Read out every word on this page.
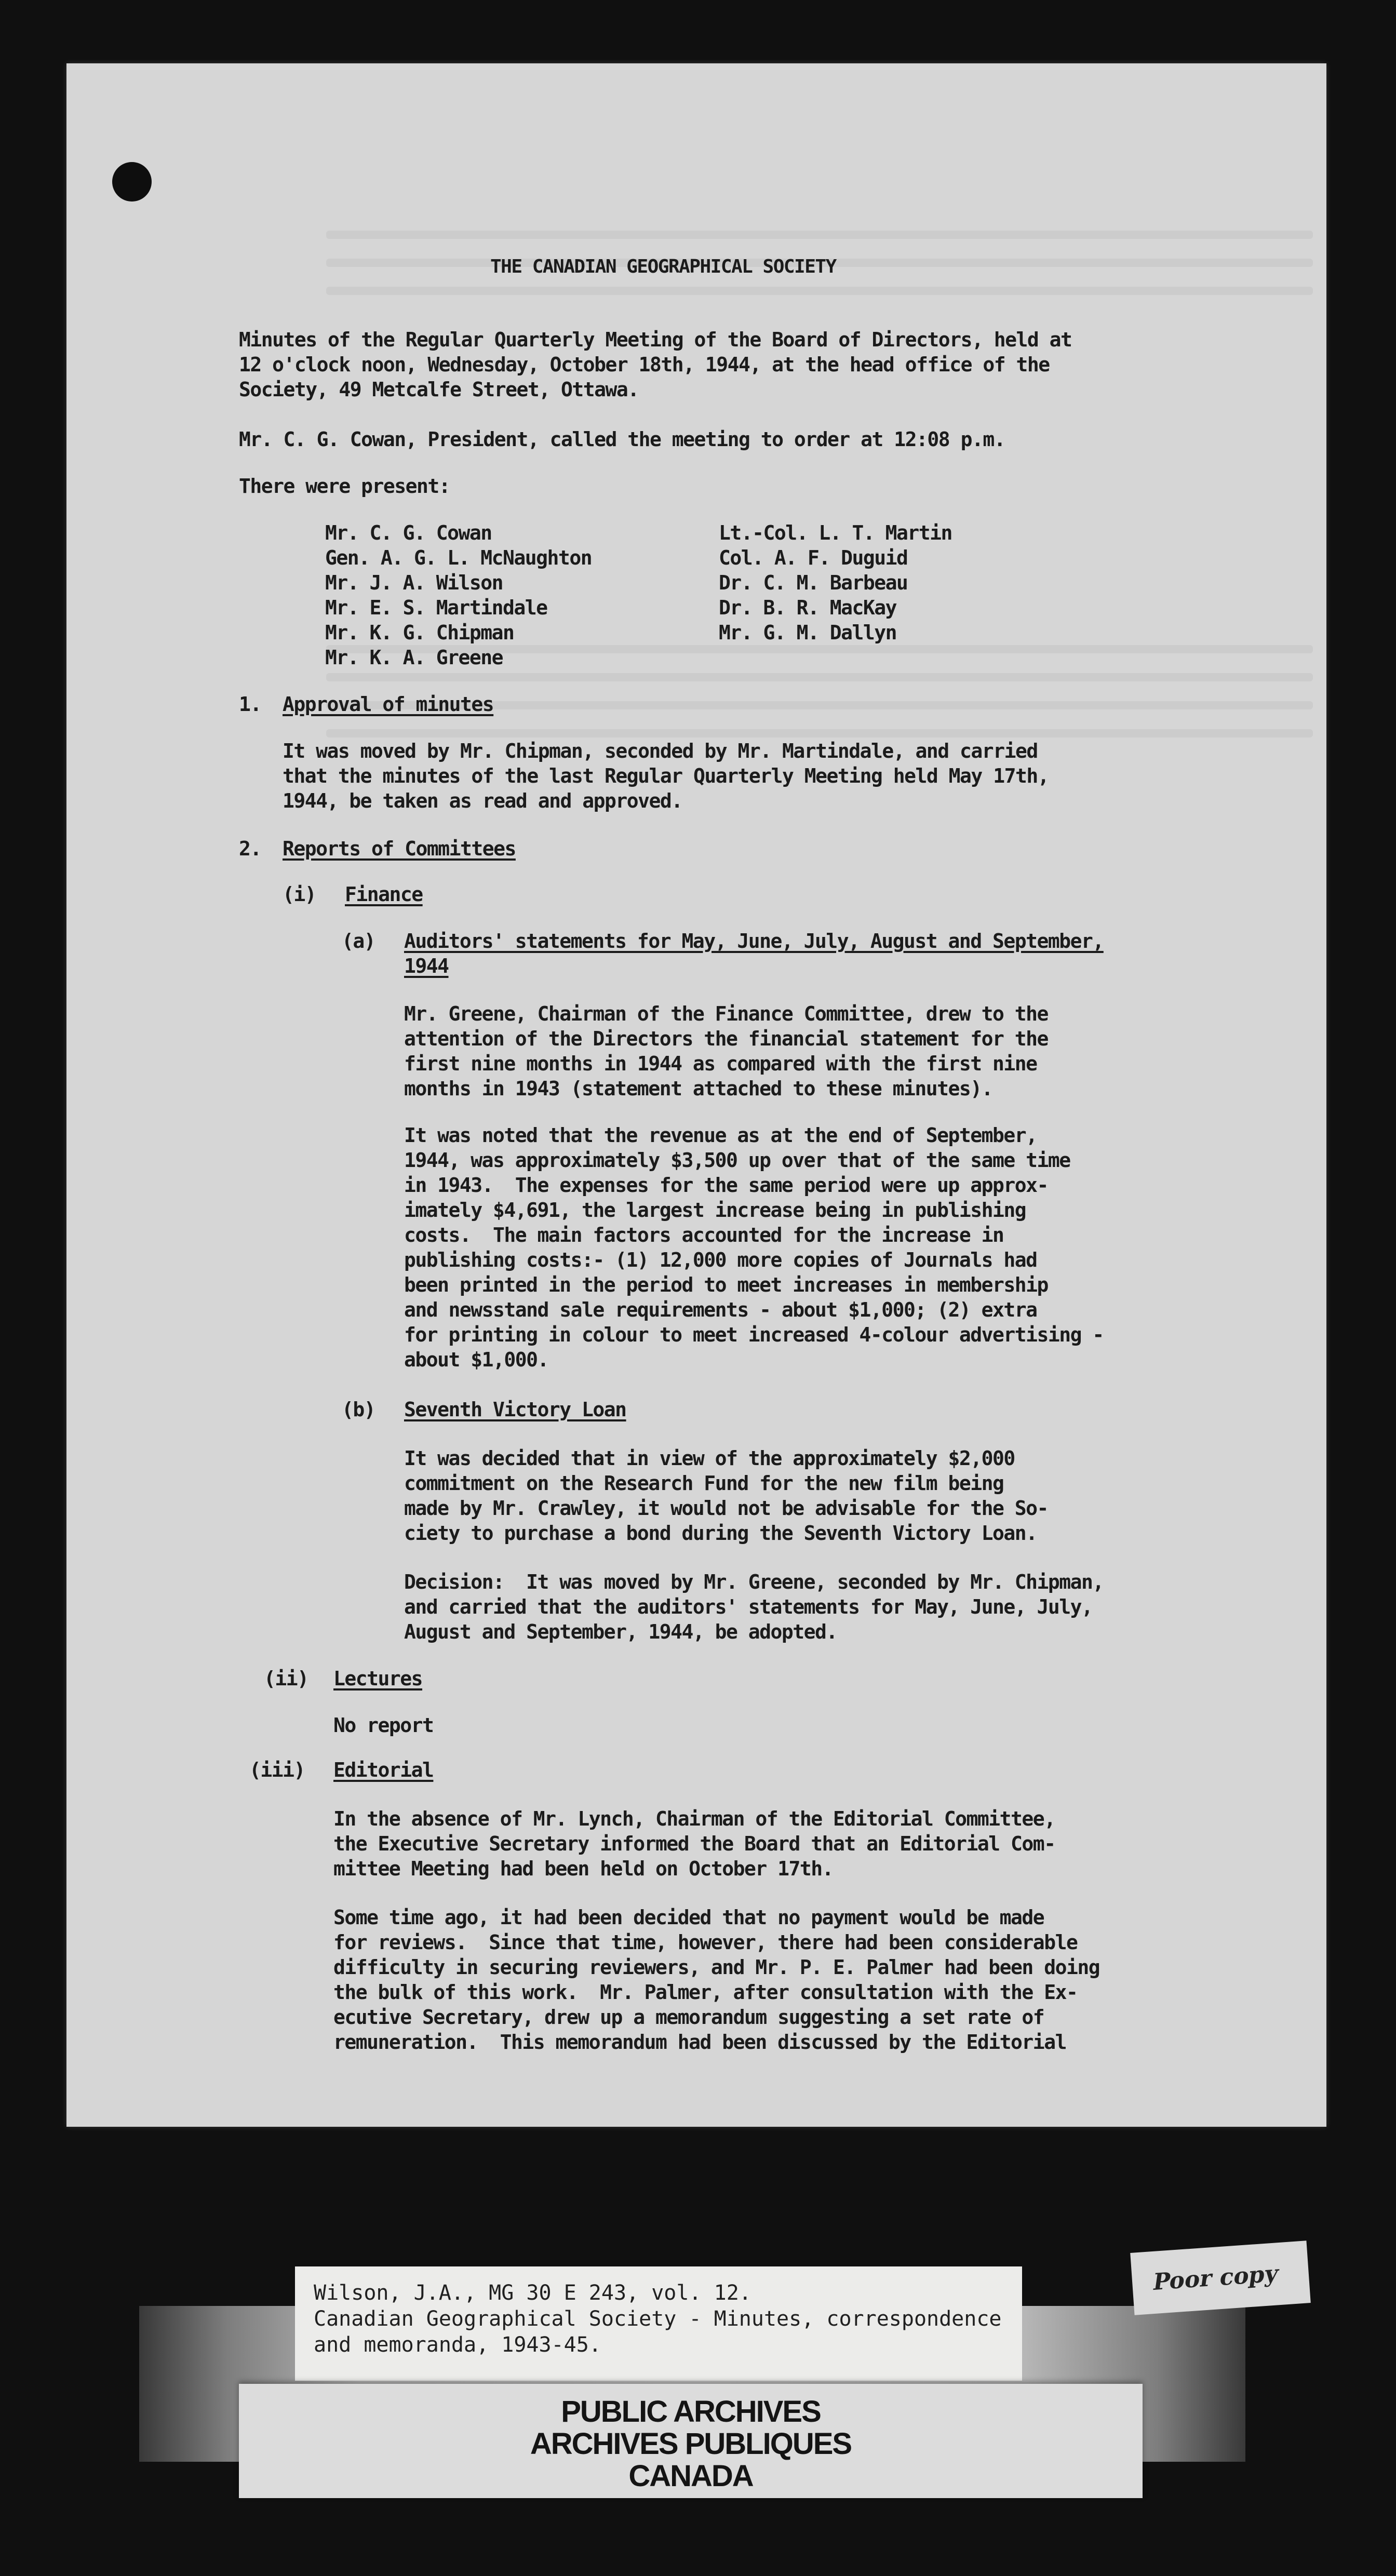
THE CANADIAN GEOGRAPHICAL SOCIETY

Minutes of the Regular Quarterly Meeting of the Board of Directors, held at

12 o'clock noon, Wednesday, October 18th, 1944, at the head office of the

Society, 49 Metcalfe Street, Ottawa.

Mr. C. G. Cowan, President, called the meeting to order at 12:08 p.m.

There were present:

Mr. C. G. Cowan

Gen. A. G. L. McNaughton

Mr. J. A. Wilson

Mr. E. S. Martindale

Mr. K. G. Chipman

Mr. K. A. Greene

Lt.-Col. L. T. Martin

Col. A. F. Duguid

Dr. C. M. Barbeau

Dr. B. R. MacKay

Mr. G. M. Dallyn

1.

Approval of minutes

It was moved by Mr. Chipman, seconded by Mr. Martindale, and carried

that the minutes of the last Regular Quarterly Meeting held May 17th,

1944, be taken as read and approved.

2.

Reports of Committees

(i)

Finance

(a)

Auditors' statements for May, June, July, August and September,

1944

Mr. Greene, Chairman of the Finance Committee, drew to the

attention of the Directors the financial statement for the

first nine months in 1944 as compared with the first nine

months in 1943 (statement attached to these minutes).

It was noted that the revenue as at the end of September,

1944, was approximately $3,500 up over that of the same time

in 1943.  The expenses for the same period were up approx-

imately $4,691, the largest increase being in publishing

costs.  The main factors accounted for the increase in

publishing costs:- (1) 12,000 more copies of Journals had

been printed in the period to meet increases in membership

and newsstand sale requirements - about $1,000; (2) extra

for printing in colour to meet increased 4-colour advertising -

about $1,000.

(b)

Seventh Victory Loan

It was decided that in view of the approximately $2,000

commitment on the Research Fund for the new film being

made by Mr. Crawley, it would not be advisable for the So-

ciety to purchase a bond during the Seventh Victory Loan.

Decision:  It was moved by Mr. Greene, seconded by Mr. Chipman,

and carried that the auditors' statements for May, June, July,

August and September, 1944, be adopted.

(ii)

Lectures

No report

(iii)

Editorial

In the absence of Mr. Lynch, Chairman of the Editorial Committee,

the Executive Secretary informed the Board that an Editorial Com-

mittee Meeting had been held on October 17th.

Some time ago, it had been decided that no payment would be made

for reviews.  Since that time, however, there had been considerable

difficulty in securing reviewers, and Mr. P. E. Palmer had been doing

the bulk of this work.  Mr. Palmer, after consultation with the Ex-

ecutive Secretary, drew up a memorandum suggesting a set rate of

remuneration.  This memorandum had been discussed by the Editorial

Wilson, J.A., MG 30 E 243, vol. 12.
Canadian Geographical Society - Minutes, correspondence
and memoranda, 1943-45.
Poor copy
PUBLIC ARCHIVES
ARCHIVES PUBLIQUES
CANADA
